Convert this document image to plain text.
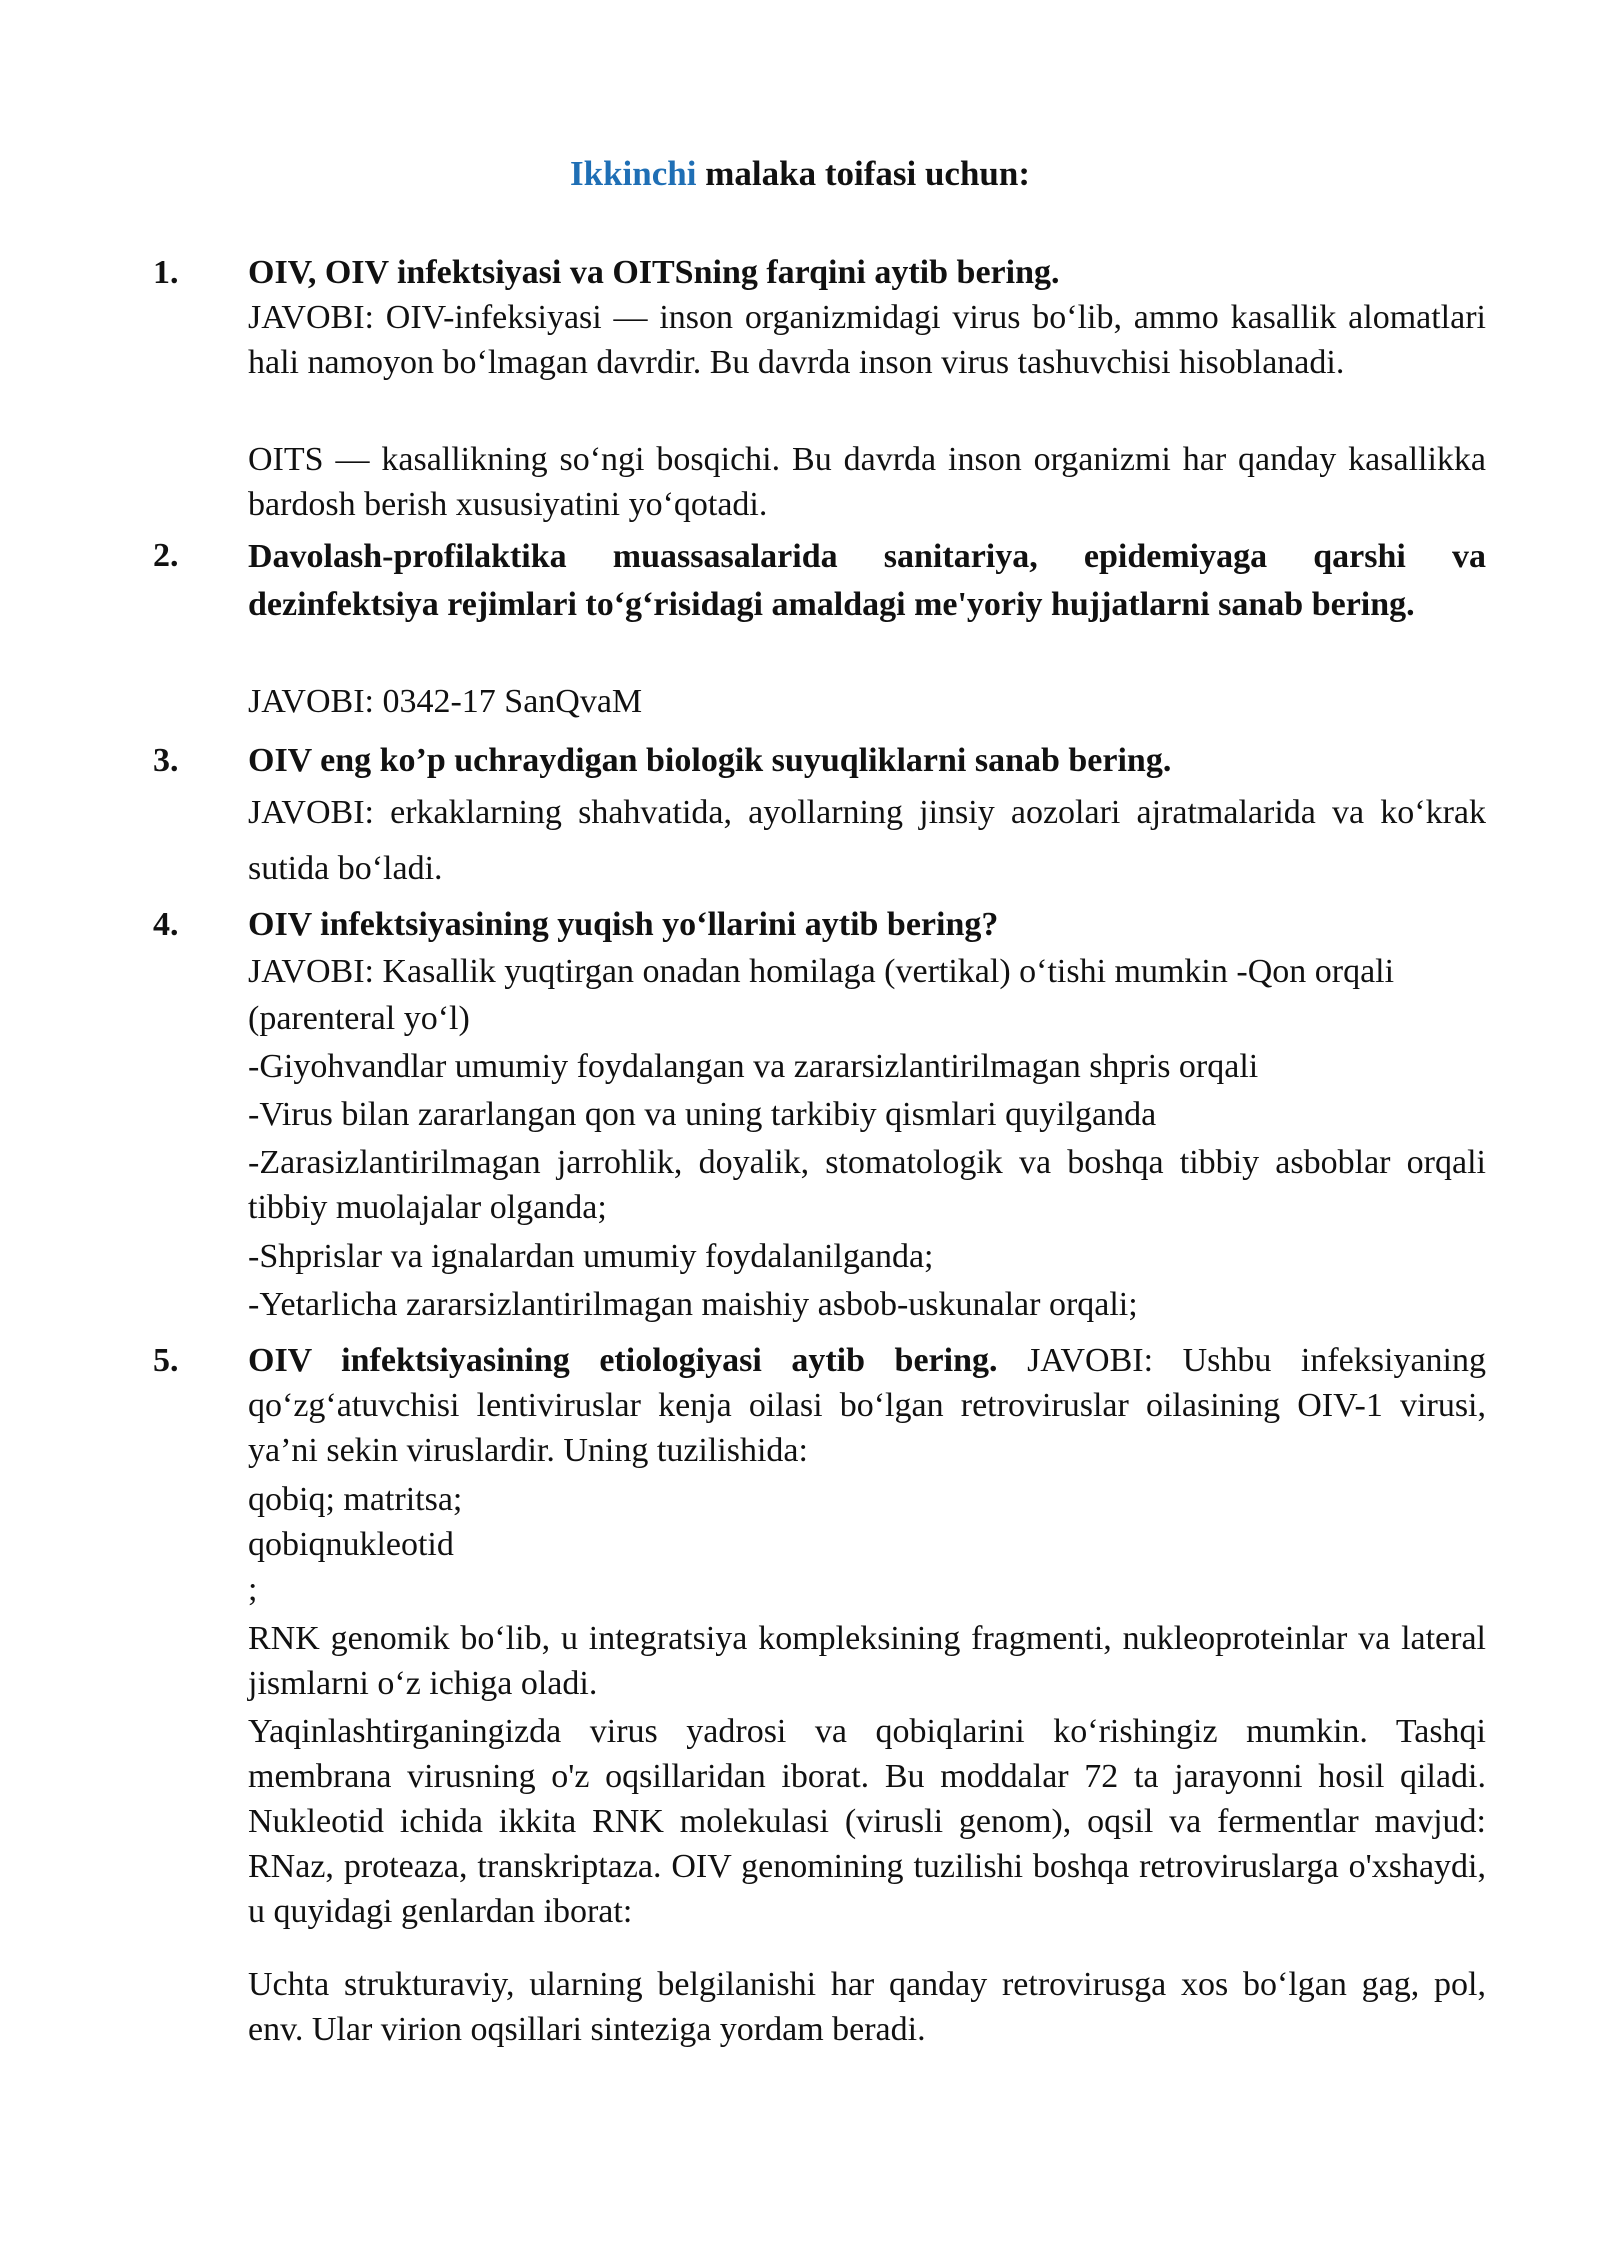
Ikkinchi malaka toifasi uchun:
1.	OIV, OIV infektsiyasi va OITSning farqini aytib bering.

JAVOBI: OIV-infeksiyasi — inson organizmidagi virus bo‘lib, ammo kasallik alomatlari hali namoyon bo‘lmagan davrdir. Bu davrda inson virus tashuvchisi hisoblanadi.

OITS — kasallikning so‘ngi bosqichi. Bu davrda inson organizmi har qanday kasallikka bardosh berish xususiyatini yo‘qotadi.

2.	Davolash-profilaktika muassasalarida sanitariya, epidemiyaga qarshi va dezinfektsiya rejimlari to‘g‘risidagi amaldagi me'yoriy hujjatlarni sanab bering.

JAVOBI: 0342-17 SanQvaM

3.	OIV eng ko’p uchraydigan biologik suyuqliklarni sanab bering.

JAVOBI: erkaklarning shahvatida, ayollarning jinsiy aozolari ajratmalarida va ko‘krak sutida bo‘ladi.

4.	OIV infektsiyasining yuqish yo‘llarini aytib bering?

JAVOBI: Kasallik yuqtirgan onadan homilaga (vertikal) o‘tishi mumkin -Qon orqali (parenteral yo‘l)

-Giyohvandlar umumiy foydalangan va zararsizlantirilmagan shpris orqali

-Virus bilan zararlangan qon va uning tarkibiy qismlari quyilganda

-Zarasizlantirilmagan jarrohlik, doyalik, stomatologik va boshqa tibbiy asboblar orqali tibbiy muolajalar olganda;

-Shprislar va ignalardan umumiy foydalanilganda;

-Yetarlicha zararsizlantirilmagan maishiy asbob-uskunalar orqali;

5.	OIV infektsiyasining etiologiyasi aytib bering. JAVOBI: Ushbu infeksiyaning qo‘zg‘atuvchisi lentiviruslar kenja oilasi bo‘lgan retroviruslar oilasining OIV-1 virusi, ya’ni sekin viruslardir. Uning tuzilishida:

qobiq; matritsa;

qobiqnukleotid

;

RNK genomik bo‘lib, u integratsiya kompleksining fragmenti, nukleoproteinlar va lateral jismlarni o‘z ichiga oladi.

Yaqinlashtirganingizda virus yadrosi va qobiqlarini ko‘rishingiz mumkin. Tashqi membrana virusning o'z oqsillaridan iborat. Bu moddalar 72 ta jarayonni hosil qiladi. Nukleotid ichida ikkita RNK molekulasi (virusli genom), oqsil va fermentlar mavjud: RNaz, proteaza, transkriptaza. OIV genomining tuzilishi boshqa retroviruslarga o'xshaydi, u quyidagi genlardan iborat:

Uchta strukturaviy, ularning belgilanishi har qanday retrovirusga xos bo‘lgan gag, pol, env. Ular virion oqsillari sinteziga yordam beradi.
